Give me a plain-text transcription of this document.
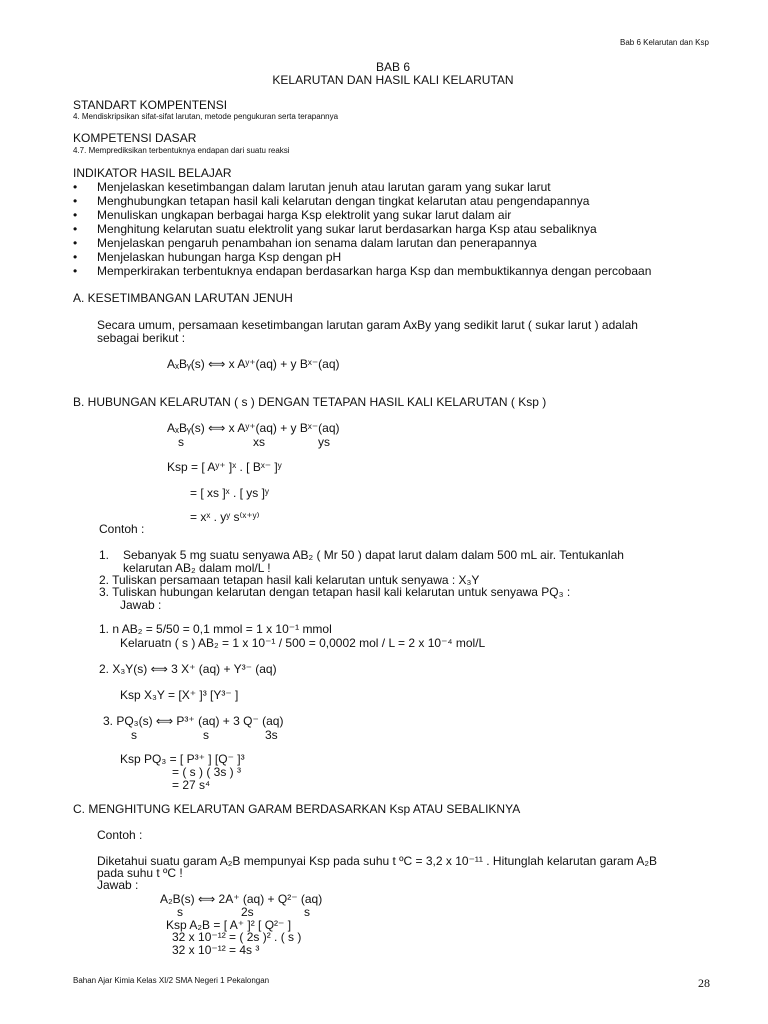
Bab 6 Kelarutan dan Ksp
BAB 6
KELARUTAN DAN HASIL KALI KELARUTAN
STANDART KOMPENTENSI
4. Mendiskripsikan sifat-sifat larutan, metode pengukuran serta terapannya
KOMPETENSI DASAR
4.7. Memprediksikan terbentuknya endapan dari suatu reaksi
INDIKATOR HASIL BELAJAR
• Menjelaskan kesetimbangan dalam larutan jenuh atau larutan garam yang sukar larut
• Menghubungkan tetapan hasil kali kelarutan dengan tingkat kelarutan atau pengendapannya
• Menuliskan ungkapan berbagai harga Ksp elektrolit yang sukar larut dalam air
• Menghitung kelarutan suatu elektrolit yang sukar larut berdasarkan harga Ksp atau sebaliknya
• Menjelaskan pengaruh penambahan ion senama dalam larutan dan penerapannya
• Menjelaskan hubungan harga Ksp dengan pH
• Memperkirakan terbentuknya endapan berdasarkan harga Ksp dan membuktikannya dengan percobaan
A. KESETIMBANGAN LARUTAN JENUH
Secara umum, persamaan kesetimbangan larutan garam AxBy yang sedikit larut ( sukar larut ) adalah
sebagai berikut :
AₓBᵧ(s) ⟺ x Aʸ⁺(aq) + y Bˣ⁻(aq)
B. HUBUNGAN KELARUTAN ( s ) DENGAN TETAPAN HASIL KALI KELARUTAN ( Ksp )
AₓBᵧ(s) ⟺ x Aʸ⁺(aq) + y Bˣ⁻(aq)
s	xs	ys
Ksp = [ Aʸ⁺ ]ˣ . [ Bˣ⁻ ]ʸ
= [ xs ]ˣ . [ ys ]ʸ
= xˣ . yʸ s⁽ˣ⁺ʸ⁾
Contoh :
1. Sebanyak 5 mg suatu senyawa AB₂ ( Mr 50 ) dapat larut dalam dalam 500 mL air. Tentukanlah
kelarutan AB₂ dalam mol/L !
2. Tuliskan persamaan tetapan hasil kali kelarutan untuk senyawa : X₃Y
3. Tuliskan hubungan kelarutan dengan tetapan hasil kali kelarutan untuk senyawa PQ₃ :
Jawab :
1. n AB₂ = 5/50 = 0,1 mmol = 1 x 10⁻¹ mmol
Kelaruatn ( s ) AB₂ = 1 x 10⁻¹ / 500 = 0,0002 mol / L = 2 x 10⁻⁴ mol/L
2. X₃Y(s) ⟺ 3 X⁺ (aq) + Y³⁻ (aq)
Ksp X₃Y = [X⁺ ]³ [Y³⁻ ]
3. PQ₃(s) ⟺ P³⁺ (aq) + 3 Q⁻ (aq)
s	s	3s
Ksp PQ₃ = [ P³⁺ ] [Q⁻ ]³
= ( s ) ( 3s ) ³
= 27 s⁴
C. MENGHITUNG KELARUTAN GARAM BERDASARKAN Ksp ATAU SEBALIKNYA
Contoh :
Diketahui suatu garam A₂B mempunyai Ksp pada suhu t ºC = 3,2 x 10⁻¹¹ . Hitunglah kelarutan garam A₂B
pada suhu t ºC !
Jawab :
A₂B(s) ⟺ 2A⁺ (aq) + Q²⁻ (aq)
s	2s	s
Ksp A₂B = [ A⁺ ]² [ Q²⁻ ]
32 x 10⁻¹² = ( 2s )² . ( s )
32 x 10⁻¹² = 4s ³
Bahan Ajar Kimia Kelas XI/2 SMA Negeri 1 Pekalongan	28
